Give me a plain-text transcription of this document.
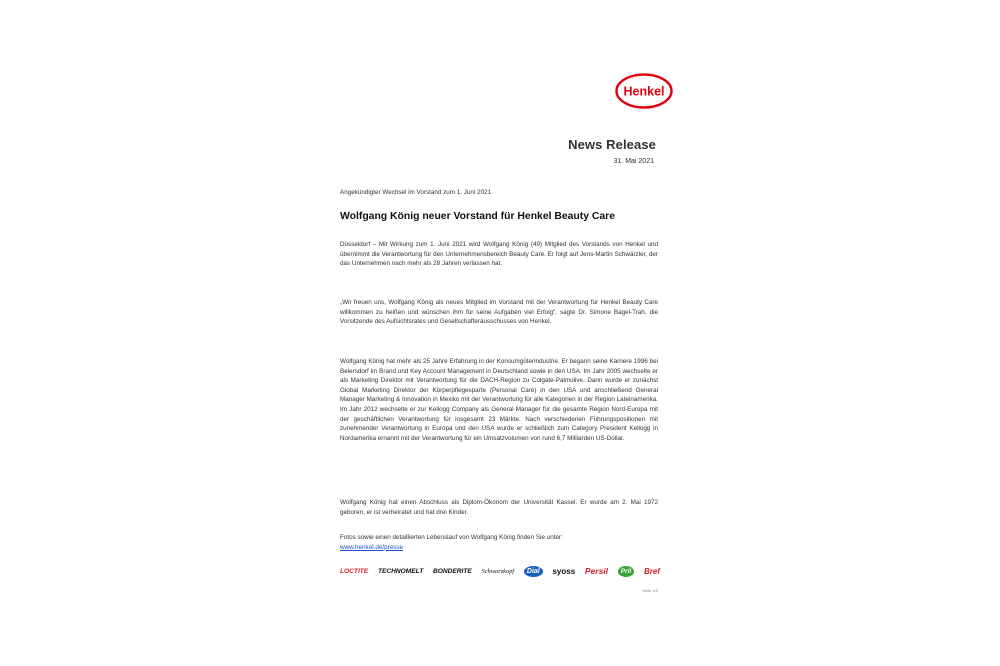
Henkel
News Release
31. Mai 2021
Angekündigter Wechsel im Vorstand zum 1. Juni 2021
Wolfgang König neuer Vorstand für Henkel Beauty Care
Düsseldorf – Mit Wirkung zum 1. Juni 2021 wird Wolfgang König (49) Mitglied des Vorstands von Henkel und übernimmt die Verantwortung für den Unternehmensbereich Beauty Care. Er folgt auf Jens-Martin Schwärzler, der das Unternehmen nach mehr als 28 Jahren verlassen hat.
„Wir freuen uns, Wolfgang König als neues Mitglied im Vorstand mit der Verantwortung für Henkel Beauty Care willkommen zu heißen und wünschen ihm für seine Aufgaben viel Erfolg“, sagte Dr. Simone Bagel-Trah, die Vorsitzende des Aufsichtsrates und Gesellschafterausschusses von Henkel.
Wolfgang König hat mehr als 25 Jahre Erfahrung in der Konsumgüterindustrie. Er begann seine Karriere 1996 bei Beiersdorf im Brand und Key Account Management in Deutschland sowie in den USA. Im Jahr 2005 wechselte er als Marketing Direktor mit Verantwortung für die DACH-Region zu Colgate-Palmolive. Dann wurde er zunächst Global Marketing Direktor der Körperpflegesparte (Personal Care) in den USA und anschließend General Manager Marketing & Innovation in Mexiko mit der Verantwortung für alle Kategorien in der Region Lateinamerika. Im Jahr 2012 wechselte er zur Kellogg Company als General Manager für die gesamte Region Nord-Europa mit der geschäftlichen Verantwortung für insgesamt 23 Märkte. Nach verschiedenen Führungspositionen mit zunehmender Verantwortung in Europa und den USA wurde er schließlich zum Category President Kellogg in Nordamerika ernannt mit der Verantwortung für ein Umsatzvolumen von rund 6,7 Milliarden US-Dollar.
Wolfgang König hat einen Abschluss als Diplom-Ökonom der Universität Kassel. Er wurde am 2. Mai 1972 geboren, er ist verheiratet und hat drei Kinder.
Fotos sowie einen detaillierten Lebenslauf von Wolfgang König finden Sie unter:
www.henkel.de/presse
LOCTITE TECHNOMELT BONDERITE Schwarzkopf	Dial	syoss Persil	Pril	Bref
Seite 1/2
